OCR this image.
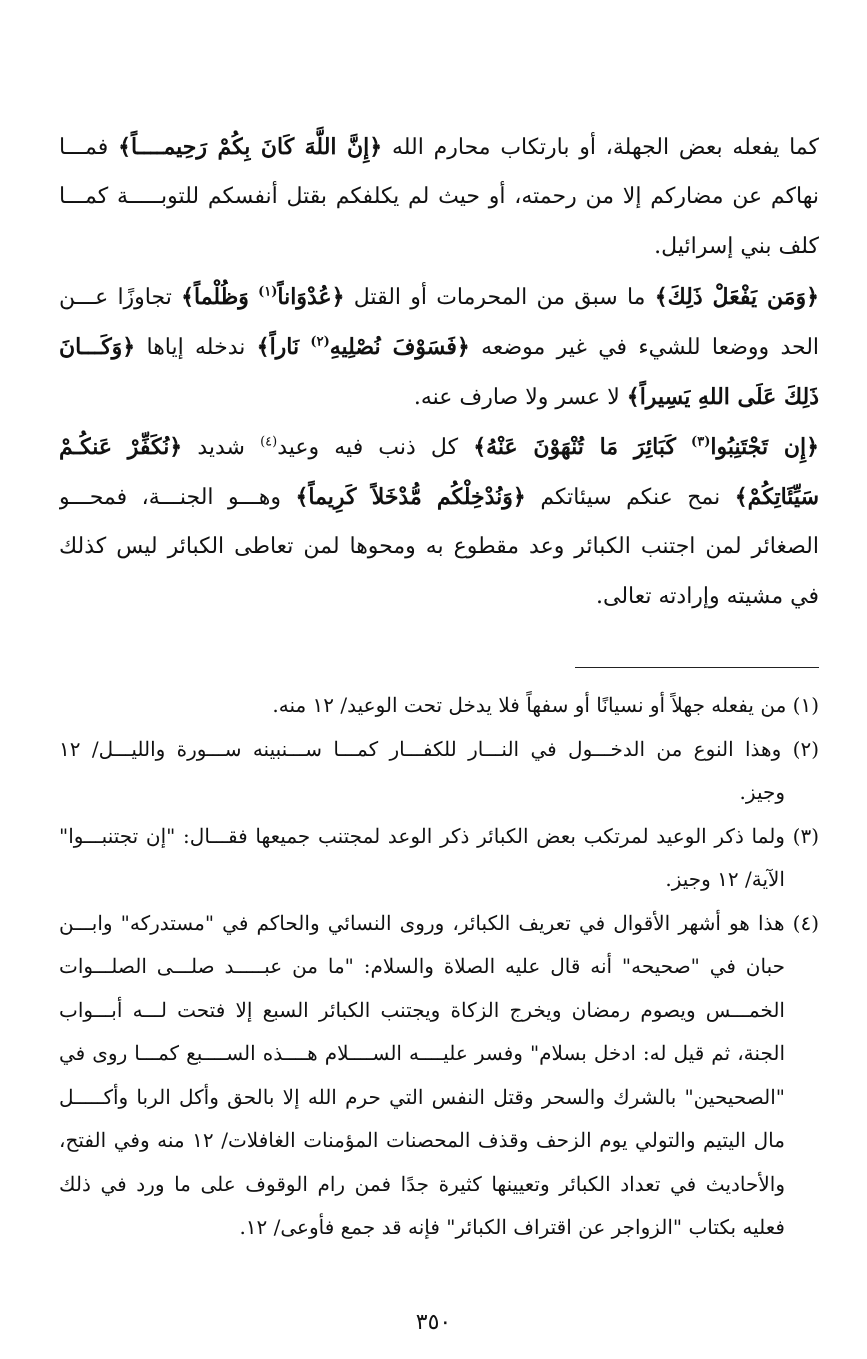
كما يفعله بعض الجهلة، أو بارتكاب محارم الله ﴿إِنَّ اللَّهَ كَانَ بِكُمْ رَحِيمــــاً﴾ فمـــا
نهاكم عن مضاركم إلا من رحمته، أو حيث لم يكلفكم بقتل أنفسكم للتوبـــــة كمـــا
كلف بني إسرائيل.
﴿وَمَن يَفْعَلْ ذَلِكَ﴾ ما سبق من المحرمات أو القتل ﴿عُدْوَاناً$^{(١)}$ وَظُلْماً﴾ تجاوزًا عـــن
الحد ووضعا للشيء في غير موضعه ﴿فَسَوْفَ نُصْلِيهِ$^{(٢)}$ نَاراً﴾ ندخله إياها ﴿وَكَـــانَ
ذَلِكَ عَلَى اللهِ يَسِيراً﴾ لا عسر ولا صارف عنه.
﴿إِن تَجْتَنِبُوا$^{(٣)}$ كَبَائِرَ مَا تُنْهَوْنَ عَنْهُ﴾ كل ذنب فيه وعيد$^{(٤)}$ شديد ﴿نُكَفِّرْ عَنكُـمْ
سَيِّئَاتِكُمْ﴾ نمح عنكم سيئاتكم ﴿وَنُدْخِلْكُم مُّدْخَلاً كَرِيماً﴾ وهـــو الجنـــة، فمحـــو
الصغائر لمن اجتنب الكبائر وعد مقطوع به ومحوها لمن تعاطى الكبائر ليس كذلك
في مشيته وإرادته تعالى.
(١) من يفعله جهلاً أو نسيانًا أو سفهاً فلا يدخل تحت الوعيد/ ١٢ منه.
(٢) وهذا النوع من الدخـــول في النـــار للكفـــار كمـــا ســـنبينه ســـورة والليـــل/ ١٢
وجيز.
(٣) ولما ذكر الوعيد لمرتكب بعض الكبائر ذكر الوعد لمجتنب جميعها فقـــال: "إن تجتنبـــوا"
الآية/ ١٢ وجيز.
(٤) هذا هو أشهر الأقوال في تعريف الكبائر، وروى النسائي والحاكم في "مستدركه" وابـــن
حبان في "صحيحه" أنه قال عليه الصلاة والسلام: "ما من عبـــــد صلـــى الصلـــوات
الخمـــس ويصوم رمضان ويخرج الزكاة ويجتنب الكبائر السبع إلا فتحت لـــه أبـــواب
الجنة، ثم قيل له: ادخل بسلام" وفسر عليــــه الســــلام هــــذه الســــبع كمـــا روى في
"الصحيحين" بالشرك والسحر وقتل النفس التي حرم الله إلا بالحق وأكل الربا وأكـــــل
مال اليتيم والتولي يوم الزحف وقذف المحصنات المؤمنات الغافلات/ ١٢ منه وفي الفتح،
والأحاديث في تعداد الكبائر وتعيينها كثيرة جدًا فمن رام الوقوف على ما ورد في ذلك
فعليه بكتاب "الزواجر عن اقتراف الكبائر" فإنه قد جمع فأوعى/ ١٢.
٣٥٠
